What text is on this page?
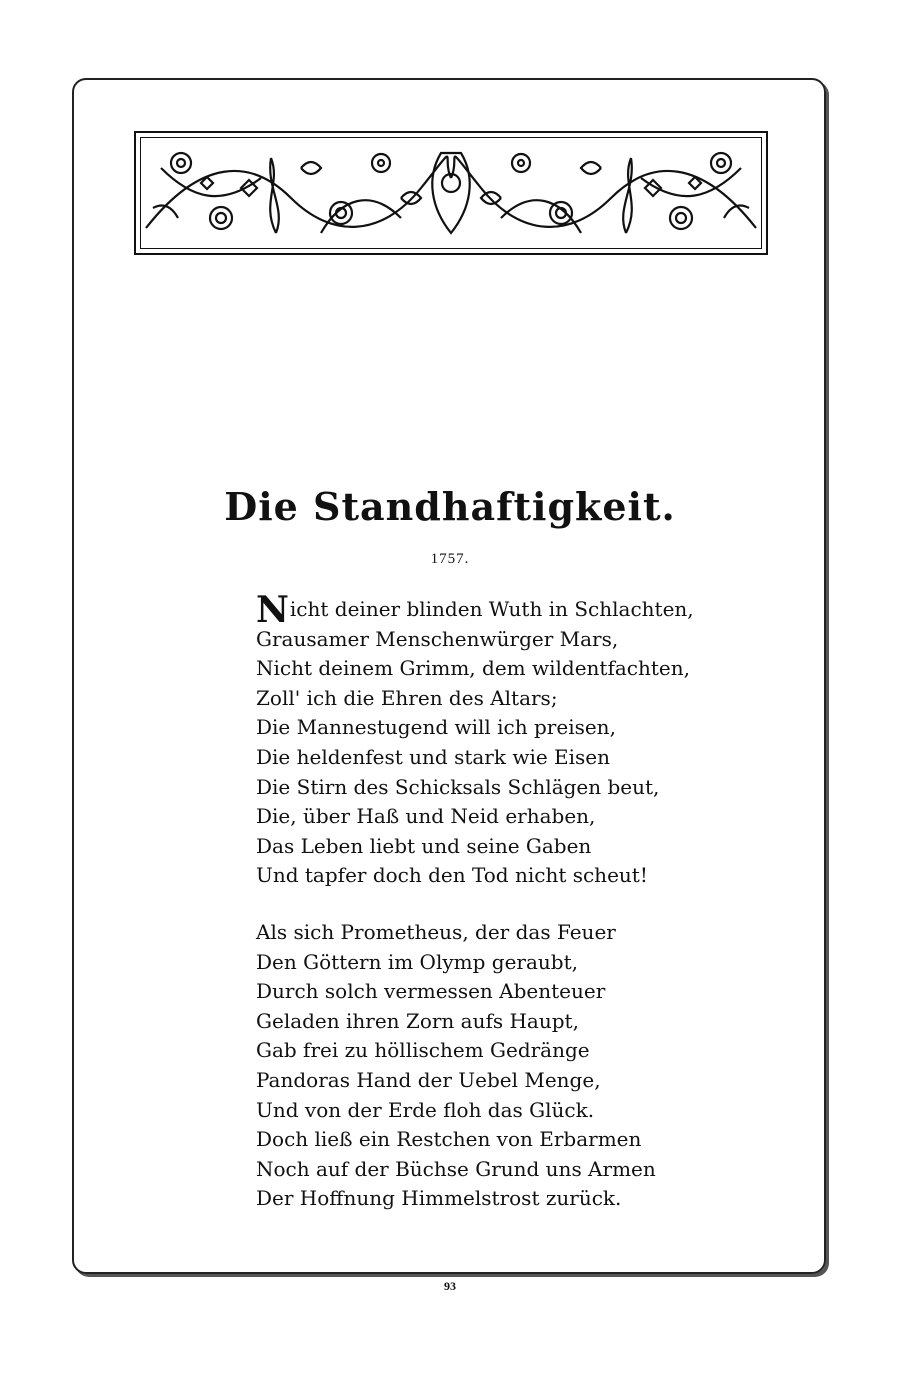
Die Standhaftigkeit.
1757.
Nicht deiner blinden Wuth in Schlachten,
Grausamer Menschenwürger Mars,
Nicht deinem Grimm, dem wildentfachten,
Zoll' ich die Ehren des Altars;
Die Mannestugend will ich preisen,
Die heldenfest und stark wie Eisen
Die Stirn des Schicksals Schlägen beut,
Die, über Haß und Neid erhaben,
Das Leben liebt und seine Gaben
Und tapfer doch den Tod nicht scheut!
Als sich Prometheus, der das Feuer
Den Göttern im Olymp geraubt,
Durch solch vermessen Abenteuer
Geladen ihren Zorn aufs Haupt,
Gab frei zu höllischem Gedränge
Pandoras Hand der Uebel Menge,
Und von der Erde floh das Glück.
Doch ließ ein Restchen von Erbarmen
Noch auf der Büchse Grund uns Armen
Der Hoffnung Himmelstrost zurück.
93
